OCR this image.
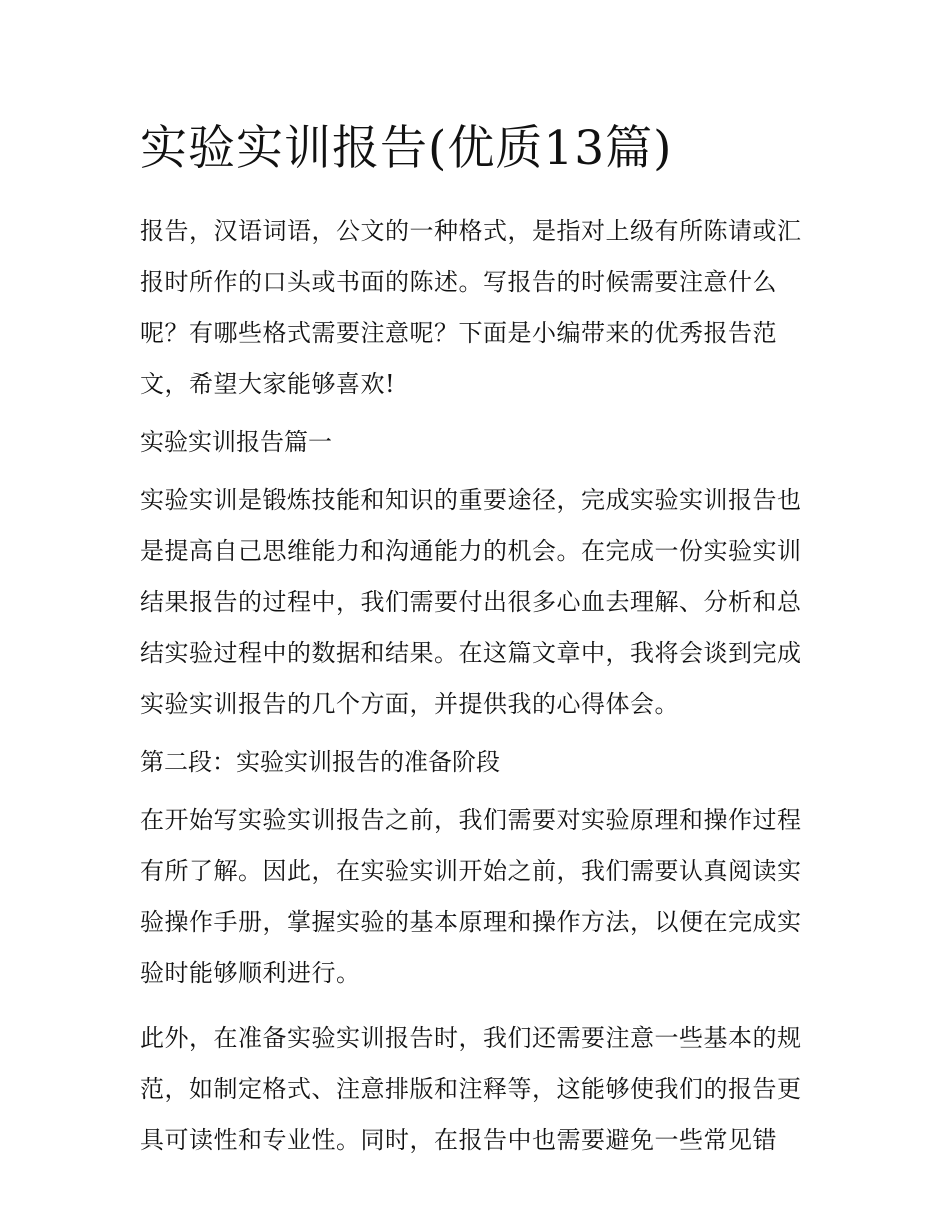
实验实训报告(优质13篇)

报告，汉语词语，公文的一种格式，是指对上级有所陈请或汇
报时所作的口头或书面的陈述。写报告的时候需要注意什么
呢？有哪些格式需要注意呢？下面是小编带来的优秀报告范
文，希望大家能够喜欢!

实验实训报告篇一

实验实训是锻炼技能和知识的重要途径，完成实验实训报告也
是提高自己思维能力和沟通能力的机会。在完成一份实验实训
结果报告的过程中，我们需要付出很多心血去理解、分析和总
结实验过程中的数据和结果。在这篇文章中，我将会谈到完成
实验实训报告的几个方面，并提供我的心得体会。

第二段：实验实训报告的准备阶段

在开始写实验实训报告之前，我们需要对实验原理和操作过程
有所了解。因此，在实验实训开始之前，我们需要认真阅读实
验操作手册，掌握实验的基本原理和操作方法，以便在完成实
验时能够顺利进行。

此外，在准备实验实训报告时，我们还需要注意一些基本的规
范，如制定格式、注意排版和注释等，这能够使我们的报告更
具可读性和专业性。同时，在报告中也需要避免一些常见错
